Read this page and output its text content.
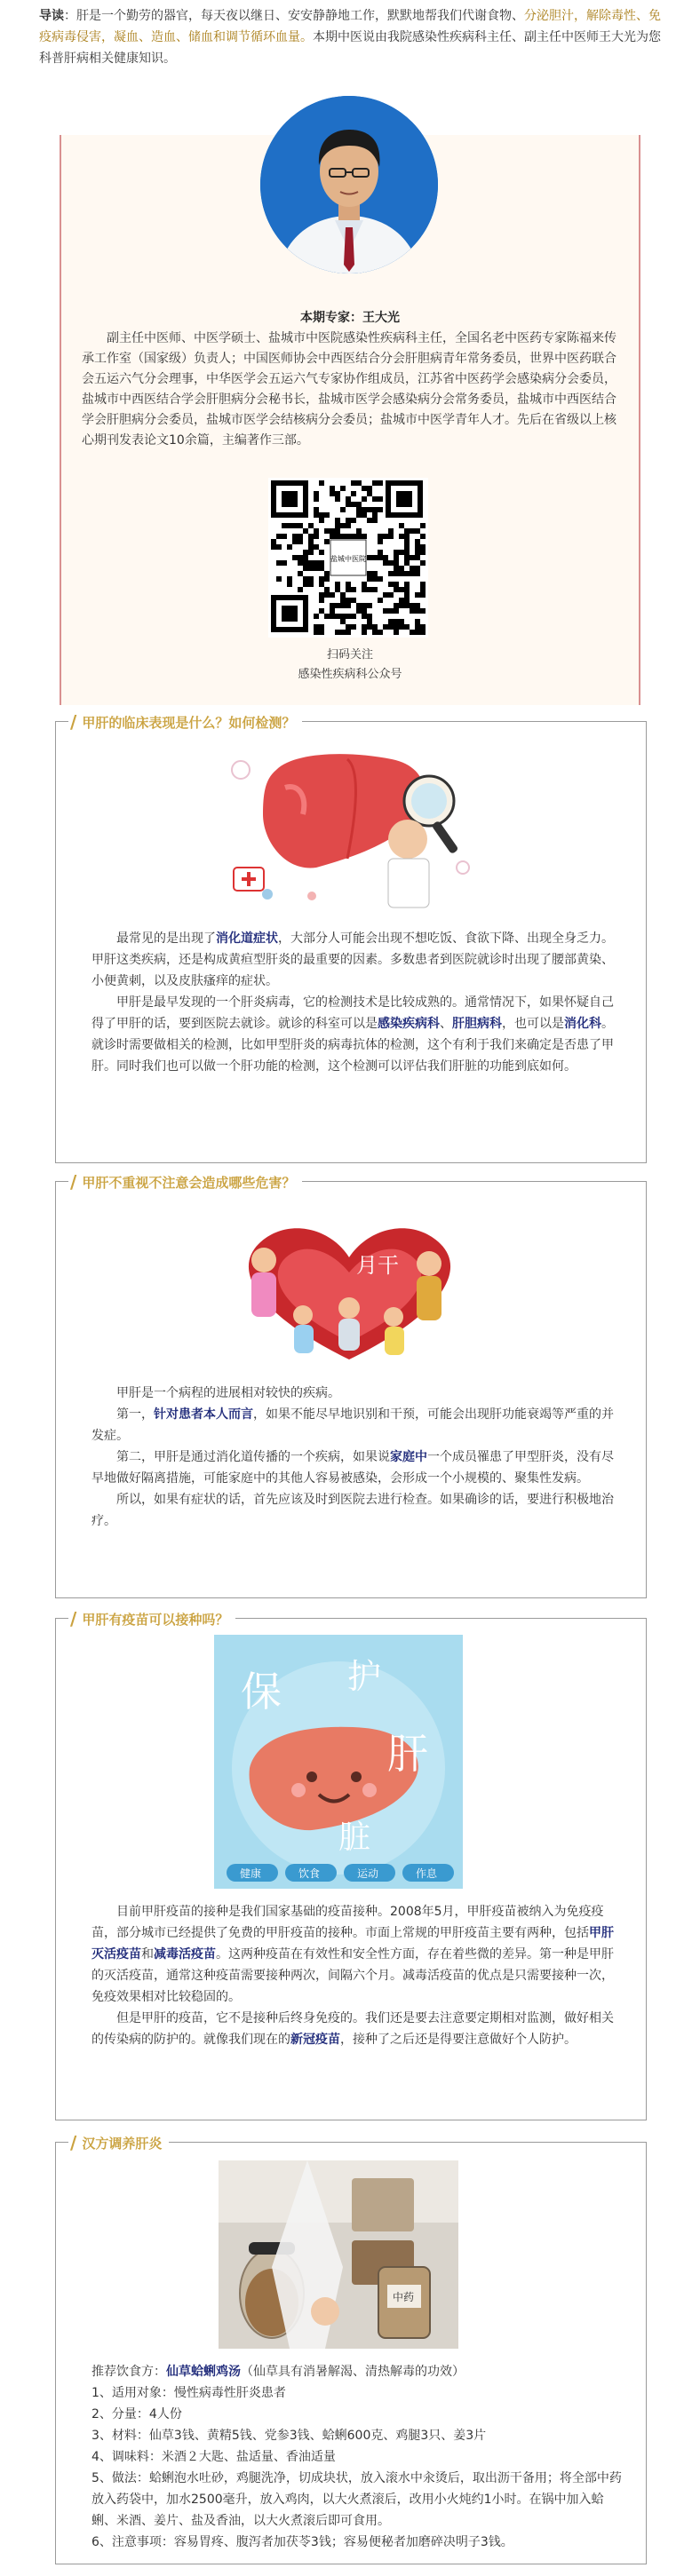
导读：肝是一个勤劳的器官，每天夜以继日、安安静静地工作，默默地帮我们代谢食物、分泌胆汁，解除毒性、免疫病毒侵害，凝血、造血、储血和调节循环血量。本期中医说由我院感染性疾病科主任、副主任中医师王大光为您科普肝病相关健康知识。
本期专家：王大光
副主任中医师、中医学硕士、盐城市中医院感染性疾病科主任，全国名老中医药专家陈福来传承工作室（国家级）负责人；中国医师协会中西医结合分会肝胆病青年常务委员，世界中医药联合会五运六气分会理事，中华医学会五运六气专家协作组成员，江苏省中医药学会感染病分会委员，盐城市中西医结合学会肝胆病分会秘书长，盐城市医学会感染病分会常务委员，盐城市中西医结合学会肝胆病分会委员，盐城市医学会结核病分会委员；盐城市中医学青年人才。先后在省级以上核心期刊发表论文10余篇，主编著作三部。
盐城中医院
扫码关注
感染性疾病科公众号
/ 甲肝的临床表现是什么？如何检测？

最常见的是出现了消化道症状，大部分人可能会出现不想吃饭、食欲下降、出现全身乏力。甲肝这类疾病，还是构成黄疸型肝炎的最重要的因素。多数患者到医院就诊时出现了腰部黄染、小便黄刺，以及皮肤瘙痒的症状。

甲肝是最早发现的一个肝炎病毒，它的检测技术是比较成熟的。通常情况下，如果怀疑自己得了甲肝的话，要到医院去就诊。就诊的科室可以是感染疾病科、肝胆病科，也可以是消化科。就诊时需要做相关的检测，比如甲型肝炎的病毒抗体的检测，这个有利于我们来确定是否患了甲肝。同时我们也可以做一个肝功能的检测，这个检测可以评估我们肝脏的功能到底如何。

/ 甲肝不重视不注意会造成哪些危害？
月干

甲肝是一个病程的进展相对较快的疾病。

第一，针对患者本人而言，如果不能尽早地识别和干预，可能会出现肝功能衰竭等严重的并发症。

第二，甲肝是通过消化道传播的一个疾病，如果说家庭中一个成员罹患了甲型肝炎，没有尽早地做好隔离措施，可能家庭中的其他人容易被感染，会形成一个小规模的、聚集性发病。

所以，如果有症状的话，首先应该及时到医院去进行检查。如果确诊的话，要进行积极地治疗。

/ 甲肝有疫苗可以接种吗？
保 护
肝
脏
健康	饮食	运动	作息

目前甲肝疫苗的接种是我们国家基础的疫苗接种。2008年5月，甲肝疫苗被纳入为免疫疫苗，部分城市已经提供了免费的甲肝疫苗的接种。市面上常规的甲肝疫苗主要有两种，包括甲肝灭活疫苗和减毒活疫苗。这两种疫苗在有效性和安全性方面，存在着些微的差异。第一种是甲肝的灭活疫苗，通常这种疫苗需要接种两次，间隔六个月。减毒活疫苗的优点是只需要接种一次，免疫效果相对比较稳固的。

但是甲肝的疫苗，它不是接种后终身免疫的。我们还是要去注意要定期相对监测，做好相关的传染病的防护的。就像我们现在的新冠疫苗，接种了之后还是得要注意做好个人防护。

/ 汉方调养肝炎
中药

推荐饮食方：仙草蛤蜊鸡汤（仙草具有消暑解渴、清热解毒的功效）

1、适用对象：慢性病毒性肝炎患者

2、分量：4人份

3、材料：仙草3钱、黄精5钱、党参3钱、蛤蜊600克、鸡腿3只、姜3片

4、调味料：米酒２大匙、盐适量、香油适量

5、做法：蛤蜊泡水吐砂，鸡腿洗净，切成块状，放入滚水中汆烫后，取出沥干备用；将全部中药放入药袋中，加水2500毫升，放入鸡肉，以大火煮滚后，改用小火炖约1小时。在锅中加入蛤蜊、米酒、姜片、盐及香油，以大火煮滚后即可食用。

6、注意事项：容易胃疼、腹泻者加茯苓3钱；容易便秘者加磨碎决明子3钱。
